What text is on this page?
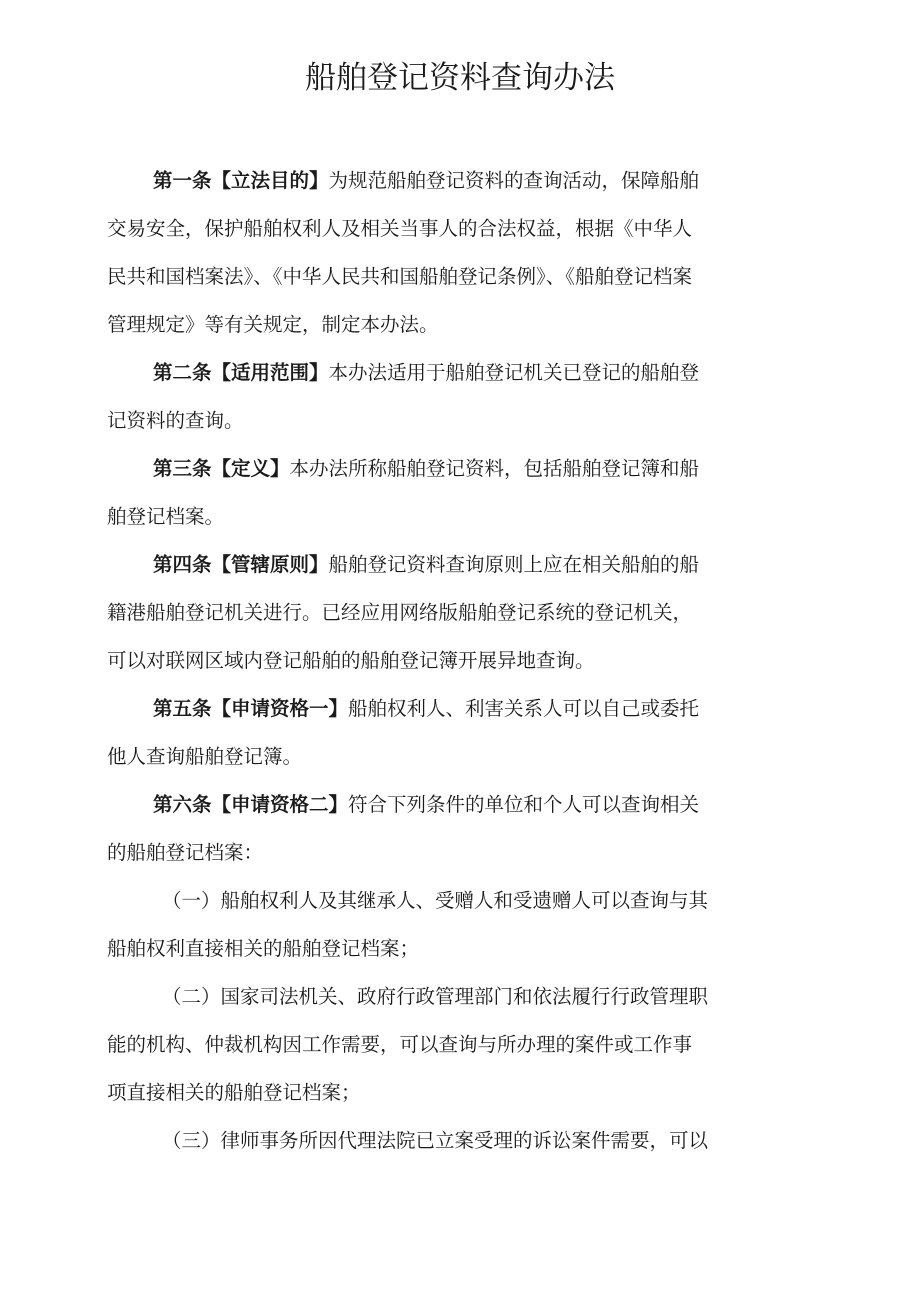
船舶登记资料查询办法
第一条【立法目的】为规范船舶登记资料的查询活动，保障船舶
交易安全，保护船舶权利人及相关当事人的合法权益，根据《中华人
民共和国档案法》、《中华人民共和国船舶登记条例》、《船舶登记档案
管理规定》等有关规定，制定本办法。
第二条【适用范围】本办法适用于船舶登记机关已登记的船舶登
记资料的查询。
第三条【定义】本办法所称船舶登记资料，包括船舶登记簿和船
舶登记档案。
第四条【管辖原则】船舶登记资料查询原则上应在相关船舶的船
籍港船舶登记机关进行。已经应用网络版船舶登记系统的登记机关，
可以对联网区域内登记船舶的船舶登记簿开展异地查询。
第五条【申请资格一】船舶权利人、利害关系人可以自己或委托
他人查询船舶登记簿。
第六条【申请资格二】符合下列条件的单位和个人可以查询相关
的船舶登记档案：
（一）船舶权利人及其继承人、受赠人和受遗赠人可以查询与其
船舶权利直接相关的船舶登记档案；
（二）国家司法机关、政府行政管理部门和依法履行行政管理职
能的机构、仲裁机构因工作需要，可以查询与所办理的案件或工作事
项直接相关的船舶登记档案；
（三）律师事务所因代理法院已立案受理的诉讼案件需要，可以
